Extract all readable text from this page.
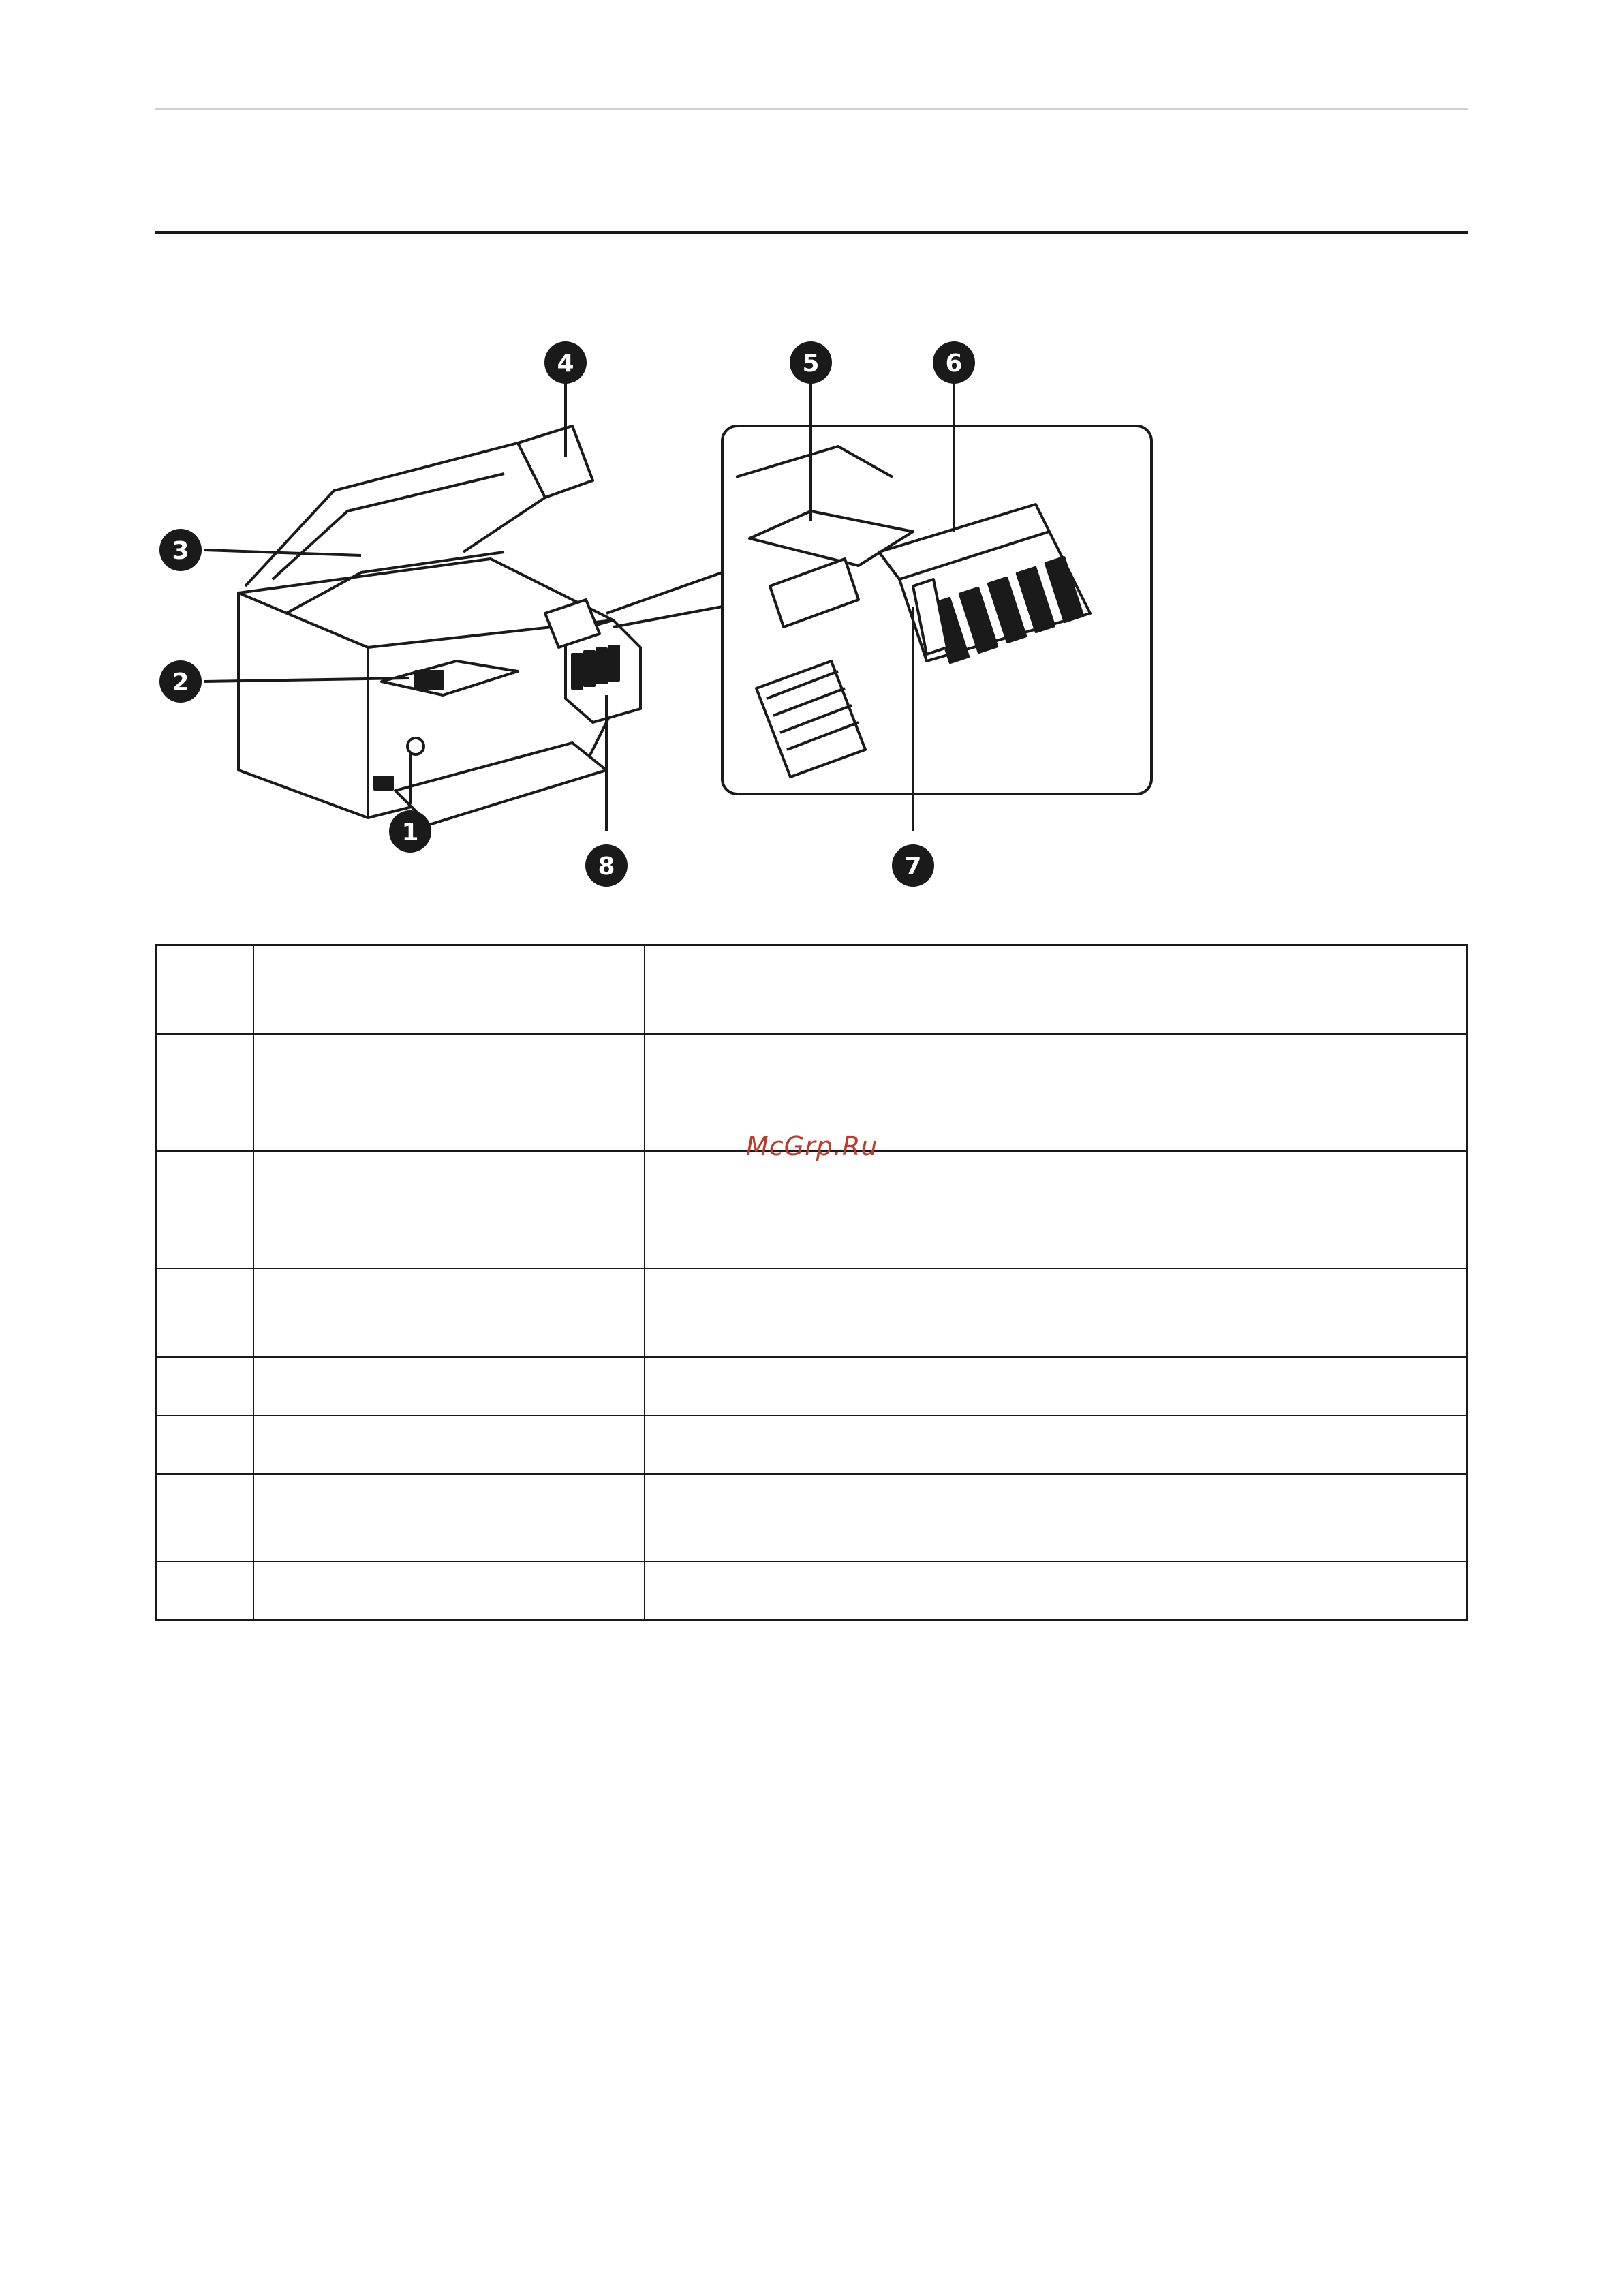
1
2
3
4	5	6
7
8

McGrp.Ru
